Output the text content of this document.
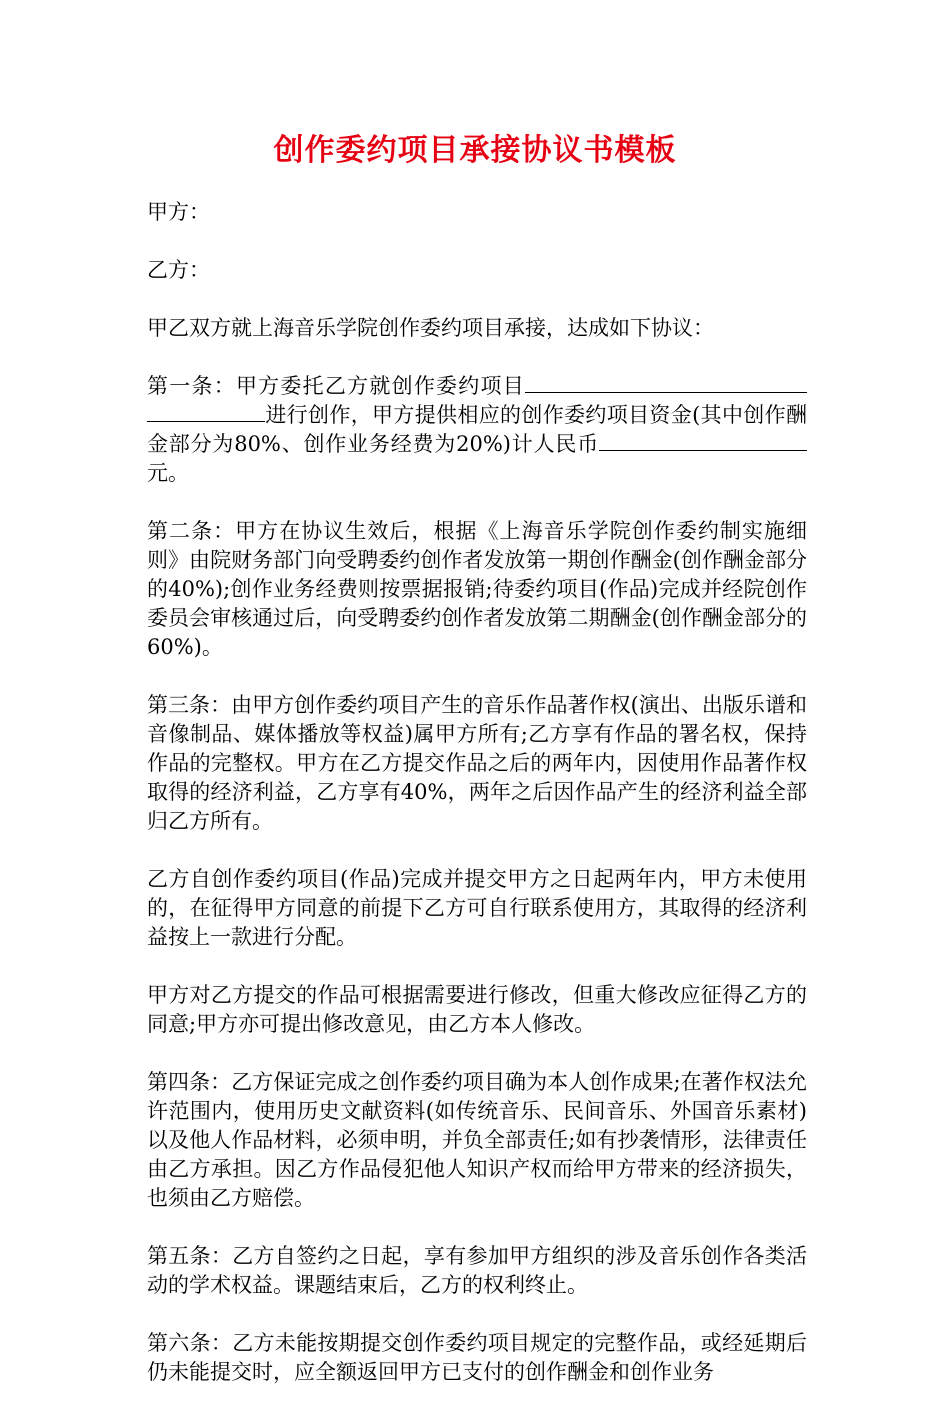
创作委约项目承接协议书模板

甲方：

乙方：

甲乙双方就上海音乐学院创作委约项目承接，达成如下协议：

第一条：甲方委托乙方就创作委约项目进行创作，甲方提供相应的创作委约项目资金(其中创作酬金部分为80%、创作业务经费为20%)计人民币元。

第二条：甲方在协议生效后，根据《上海音乐学院创作委约制实施细则》由院财务部门向受聘委约创作者发放第一期创作酬金(创作酬金部分的40%);创作业务经费则按票据报销;待委约项目(作品)完成并经院创作委员会审核通过后，向受聘委约创作者发放第二期酬金(创作酬金部分的60%)。

第三条：由甲方创作委约项目产生的音乐作品著作权(演出、出版乐谱和音像制品、媒体播放等权益)属甲方所有;乙方享有作品的署名权，保持作品的完整权。甲方在乙方提交作品之后的两年内，因使用作品著作权取得的经济利益，乙方享有40%，两年之后因作品产生的经济利益全部归乙方所有。

乙方自创作委约项目(作品)完成并提交甲方之日起两年内，甲方未使用的，在征得甲方同意的前提下乙方可自行联系使用方，其取得的经济利益按上一款进行分配。

甲方对乙方提交的作品可根据需要进行修改，但重大修改应征得乙方的同意;甲方亦可提出修改意见，由乙方本人修改。

第四条：乙方保证完成之创作委约项目确为本人创作成果;在著作权法允许范围内，使用历史文献资料(如传统音乐、民间音乐、外国音乐素材)以及他人作品材料，必须申明，并负全部责任;如有抄袭情形，法律责任由乙方承担。因乙方作品侵犯他人知识产权而给甲方带来的经济损失，也须由乙方赔偿。

第五条：乙方自签约之日起，享有参加甲方组织的涉及音乐创作各类活动的学术权益。课题结束后，乙方的权利终止。

第六条：乙方未能按期提交创作委约项目规定的完整作品，或经延期后仍未能提交时，应全额返回甲方已支付的创作酬金和创作业务
